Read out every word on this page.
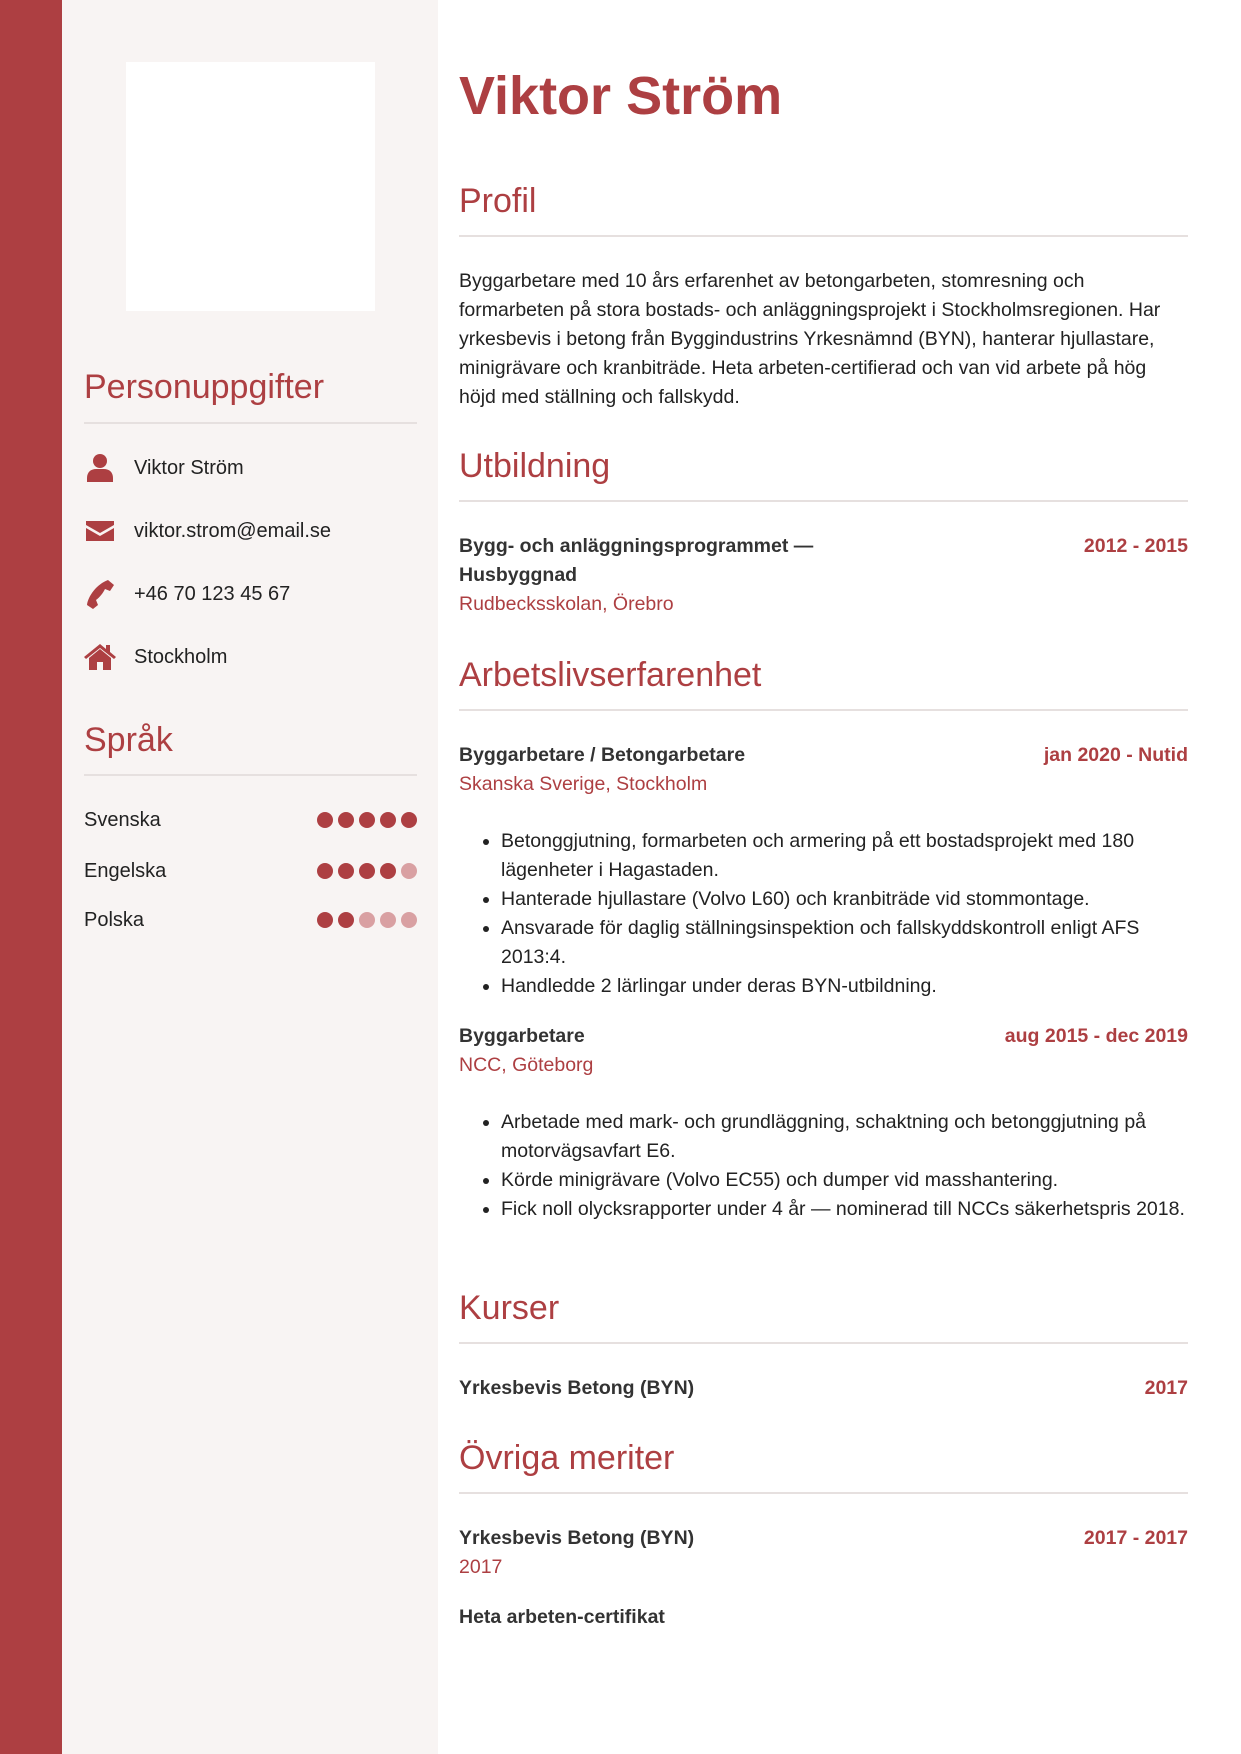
Personuppgifter
Viktor Ström
viktor.strom@email.se
+46 70 123 45 67
Stockholm
Språk
Svenska
Engelska
Polska
Viktor Ström
Profil

Byggarbetare med 10 års erfarenhet av betongarbeten, stomresning och formarbeten på stora bostads- och anläggningsprojekt i Stockholmsregionen. Har yrkesbevis i betong från Byggindustrins Yrkesnämnd (BYN), hanterar hjullastare, minigrävare och kranbiträde. Heta arbeten-certifierad och van vid arbete på hög höjd med ställning och fallskydd.

Utbildning
Bygg- och anläggningsprogrammet — Husbyggnad
2012 - 2015
Rudbecksskolan, Örebro
Arbetslivserfarenhet
Byggarbetare / Betongarbetare	jan 2020 - Nutid
Skanska Sverige, Stockholm
• Betonggjutning, formarbeten och armering på ett bostadsprojekt med 180 lägenheter i Hagastaden.
• Hanterade hjullastare (Volvo L60) och kranbiträde vid stommontage.
• Ansvarade för daglig ställningsinspektion och fallskyddskontroll enligt AFS 2013:4.
• Handledde 2 lärlingar under deras BYN-utbildning.
Byggarbetare	aug 2015 - dec 2019
NCC, Göteborg
• Arbetade med mark- och grundläggning, schaktning och betonggjutning på motorvägsavfart E6.
• Körde minigrävare (Volvo EC55) och dumper vid masshantering.
• Fick noll olycksrapporter under 4 år — nominerad till NCCs säkerhetspris 2018.
Kurser
Yrkesbevis Betong (BYN)	2017
Övriga meriter
Yrkesbevis Betong (BYN)	2017 - 2017
2017
Heta arbeten-certifikat
